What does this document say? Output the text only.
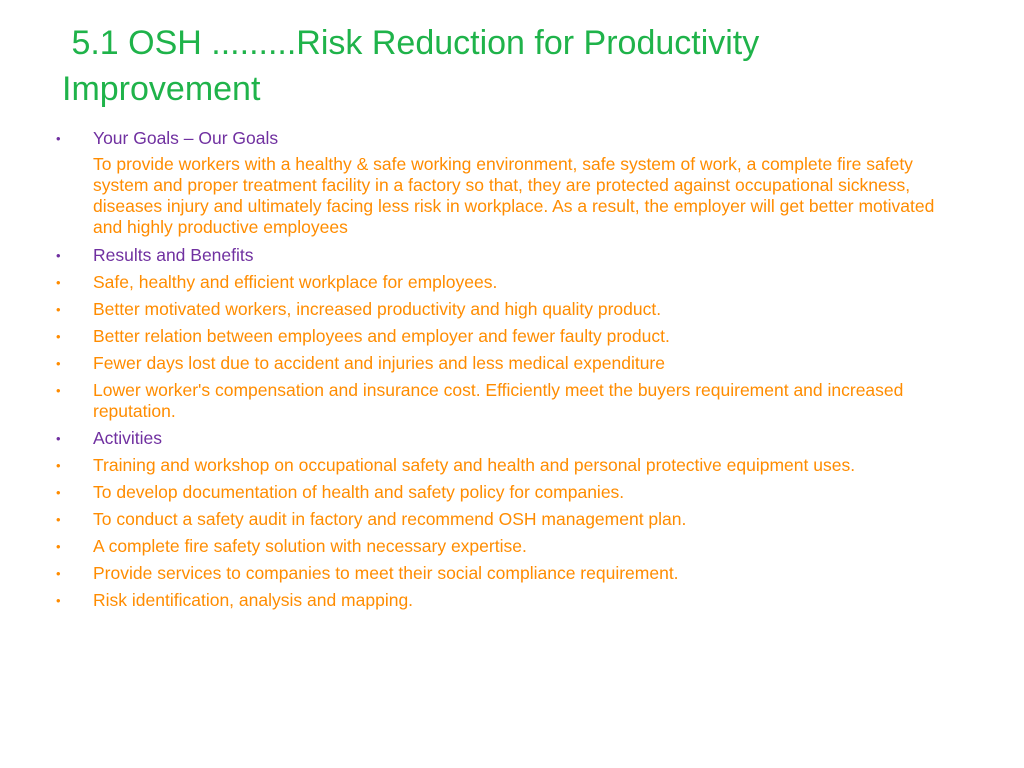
5.1 OSH .........Risk Reduction for Productivity
Improvement
•	Your Goals – Our Goals
To provide workers with a healthy & safe working environment, safe system of work, a complete fire safety system and proper treatment facility in a factory so that, they are protected against occupational sickness, diseases injury and ultimately facing less risk in workplace. As a result, the employer will get better motivated and highly productive employees
•	Results and Benefits
•	Safe, healthy and efficient workplace for employees.
•	Better motivated workers, increased productivity and high quality product.
•	Better relation between employees and employer and fewer faulty product.
•	Fewer days lost due to accident and injuries and less medical expenditure
•	Lower worker's compensation and insurance cost. Efficiently meet the buyers requirement and increased reputation.
•	Activities
•	Training and workshop on occupational safety and health and personal protective equipment uses.
•	To develop documentation of health and safety policy for companies.
•	To conduct a safety audit in factory and recommend OSH management plan.
•	A complete fire safety solution with necessary expertise.
•	Provide services to companies to meet their social compliance requirement.
•	Risk identification, analysis and mapping.
